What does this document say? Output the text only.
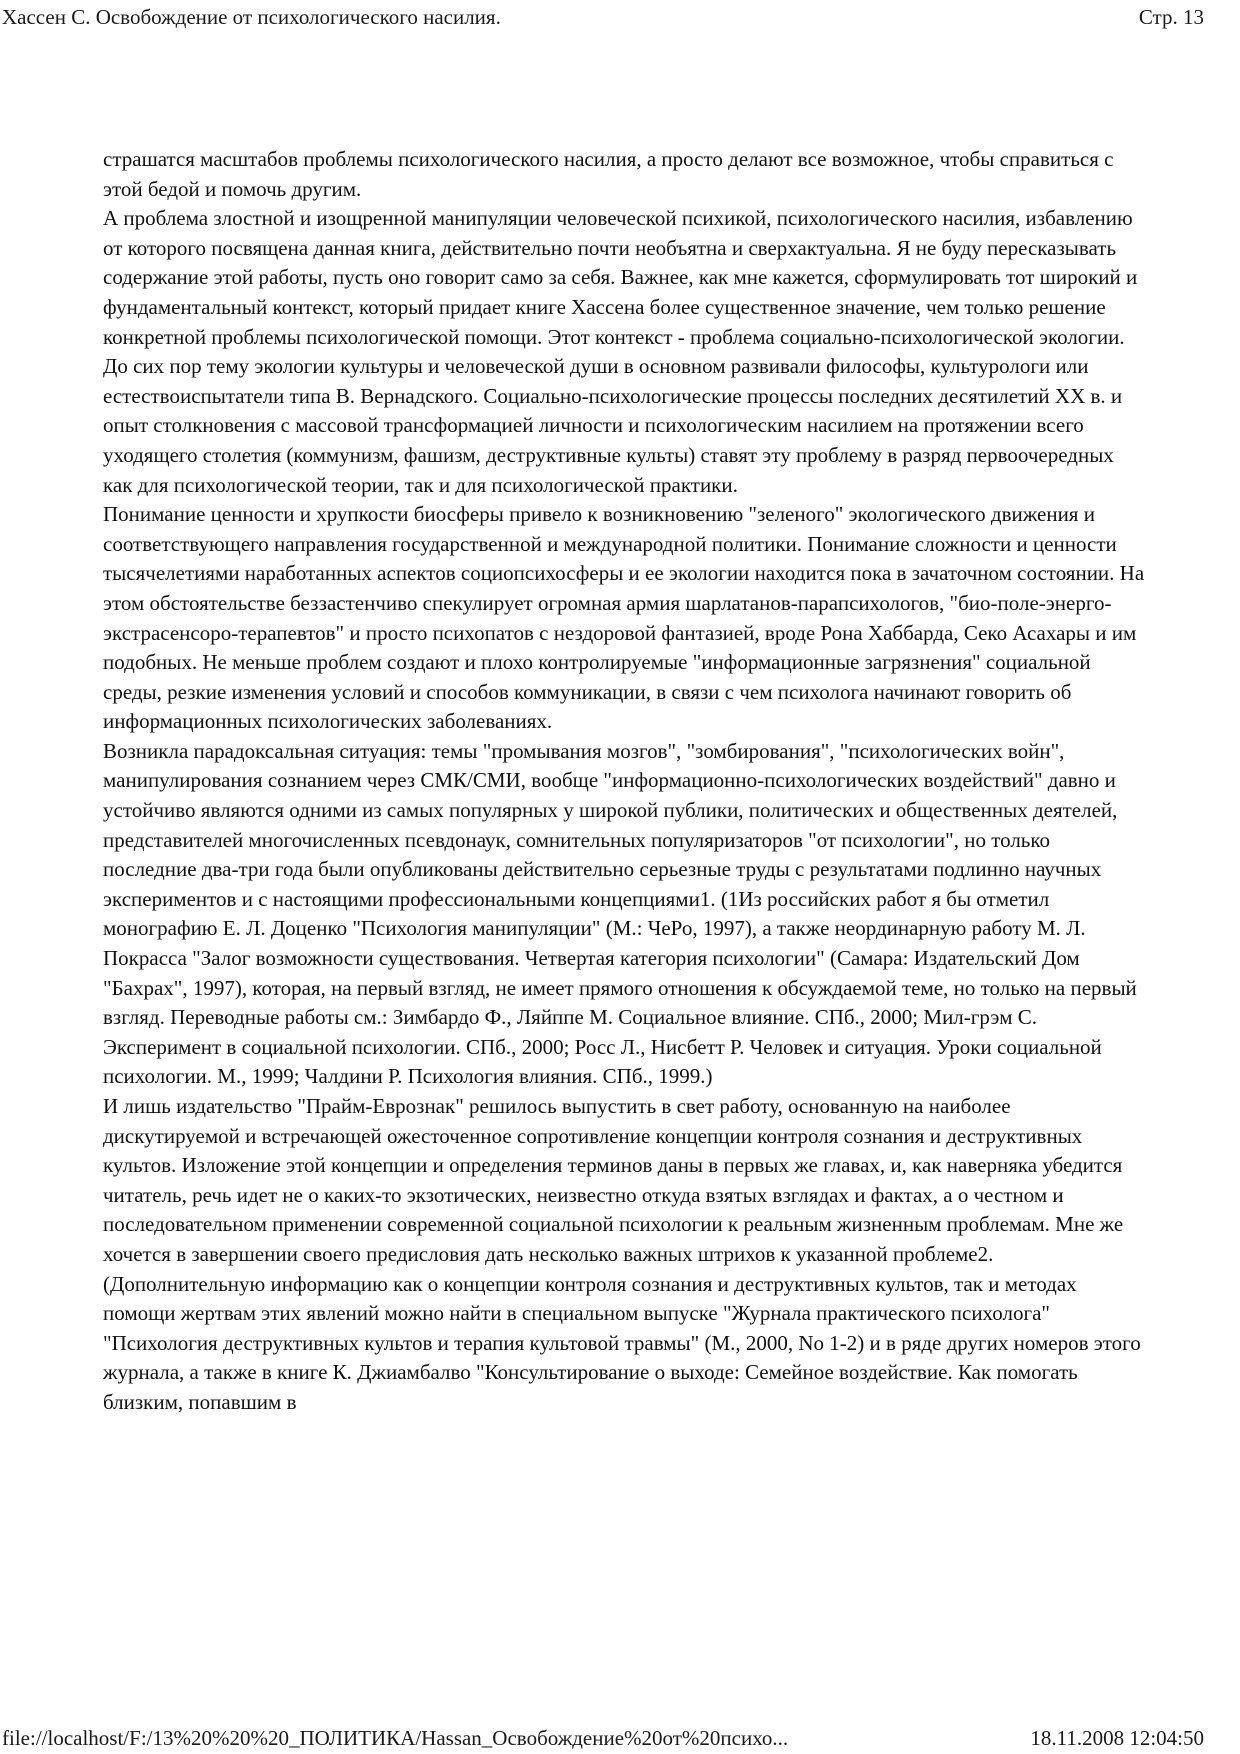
Хассен С. Освобождение от психологического насилия.	Стр. 13

страшатся масштабов проблемы психологического насилия, а просто делают все возможное, чтобы справиться с этой бедой и помочь другим.

А проблема злостной и изощренной манипуляции человеческой психикой, психологического насилия, избавлению от которого посвящена данная книга, действительно почти необъятна и сверхактуальна. Я не буду пересказывать содержание этой работы, пусть оно говорит само за себя. Важнее, как мне кажется, сформулировать тот широкий и фундаментальный контекст, который придает книге Хассена более существенное значение, чем только решение конкретной проблемы психологической помощи. Этот контекст - проблема социально-психологической экологии.

До сих пор тему экологии культуры и человеческой души в основном развивали философы, культурологи или естествоиспытатели типа В. Вернадского. Социально-психологические процессы последних десятилетий XX в. и опыт столкновения с массовой трансформацией личности и психологическим насилием на протяжении всего уходящего столетия (коммунизм, фашизм, деструктивные культы) ставят эту проблему в разряд первоочередных как для психологической теории, так и для психологической практики.

Понимание ценности и хрупкости биосферы привело к возникновению "зеленого" экологического движения и соответствующего направления государственной и международной политики. Понимание сложности и ценности тысячелетиями наработанных аспектов социопсихосферы и ее экологии находится пока в зачаточном состоянии. На этом обстоятельстве беззастенчиво спекулирует огромная армия шарлатанов-парапсихологов, "био-поле-энерго-экстрасенсоро-терапевтов" и просто психопатов с нездоровой фантазией, вроде Рона Хаббарда, Секо Асахары и им подобных. Не меньше проблем создают и плохо контролируемые "информационные загрязнения" социальной среды, резкие изменения условий и способов коммуникации, в связи с чем психолога начинают говорить об информационных психологических заболеваниях.

Возникла парадоксальная ситуация: темы "промывания мозгов", "зомбирования", "психологических войн", манипулирования сознанием через СМК/СМИ, вообще "информационно-психологических воздействий" давно и устойчиво являются одними из самых популярных у широкой публики, политических и общественных деятелей, представителей многочисленных псевдонаук, сомнительных популяризаторов "от психологии", но только последние два-три года были опубликованы действительно серьезные труды с результатами подлинно научных экспериментов и с настоящими профессиональными концепциями1. (1Из российских работ я бы отметил монографию Е. Л. Доценко "Психология манипуляции" (М.: ЧеРо, 1997), а также неординарную работу М. Л. Покрасса "Залог возможности существования. Четвертая категория психологии" (Самара: Издательский Дом "Бахрах", 1997), которая, на первый взгляд, не имеет прямого отношения к обсуждаемой теме, но только на первый взгляд. Переводные работы см.: Зимбардо Ф., Ляйппе М. Социальное влияние. СПб., 2000; Мил-грэм С. Эксперимент в социальной психологии. СПб., 2000; Росс Л., Нисбетт Р. Человек и ситуация. Уроки социальной психологии. М., 1999; Чалдини Р. Психология влияния. СПб., 1999.)

И лишь издательство "Прайм-Еврознак" решилось выпустить в свет работу, основанную на наиболее дискутируемой и встречающей ожесточенное сопротивление концепции контроля сознания и деструктивных культов. Изложение этой концепции и определения терминов даны в первых же главах, и, как наверняка убедится читатель, речь идет не о каких-то экзотических, неизвестно откуда взятых взглядах и фактах, а о честном и последовательном применении современной социальной психологии к реальным жизненным проблемам. Мне же хочется в завершении своего предисловия дать несколько важных штрихов к указанной проблеме2. (Дополнительную информацию как о концепции контроля сознания и деструктивных культов, так и методах помощи жертвам этих явлений можно найти в специальном выпуске "Журнала практического психолога" "Психология деструктивных культов и терапия культовой травмы" (М., 2000, No 1-2) и в ряде других номеров этого журнала, а также в книге К. Джиамбалво "Консультирование о выходе: Семейное воздействие. Как помогать близким, попавшим в

file://localhost/F:/13%20%20%20_ПОЛИТИКА/Hassan_Освобождение%20от%20психо...	18.11.2008 12:04:50
